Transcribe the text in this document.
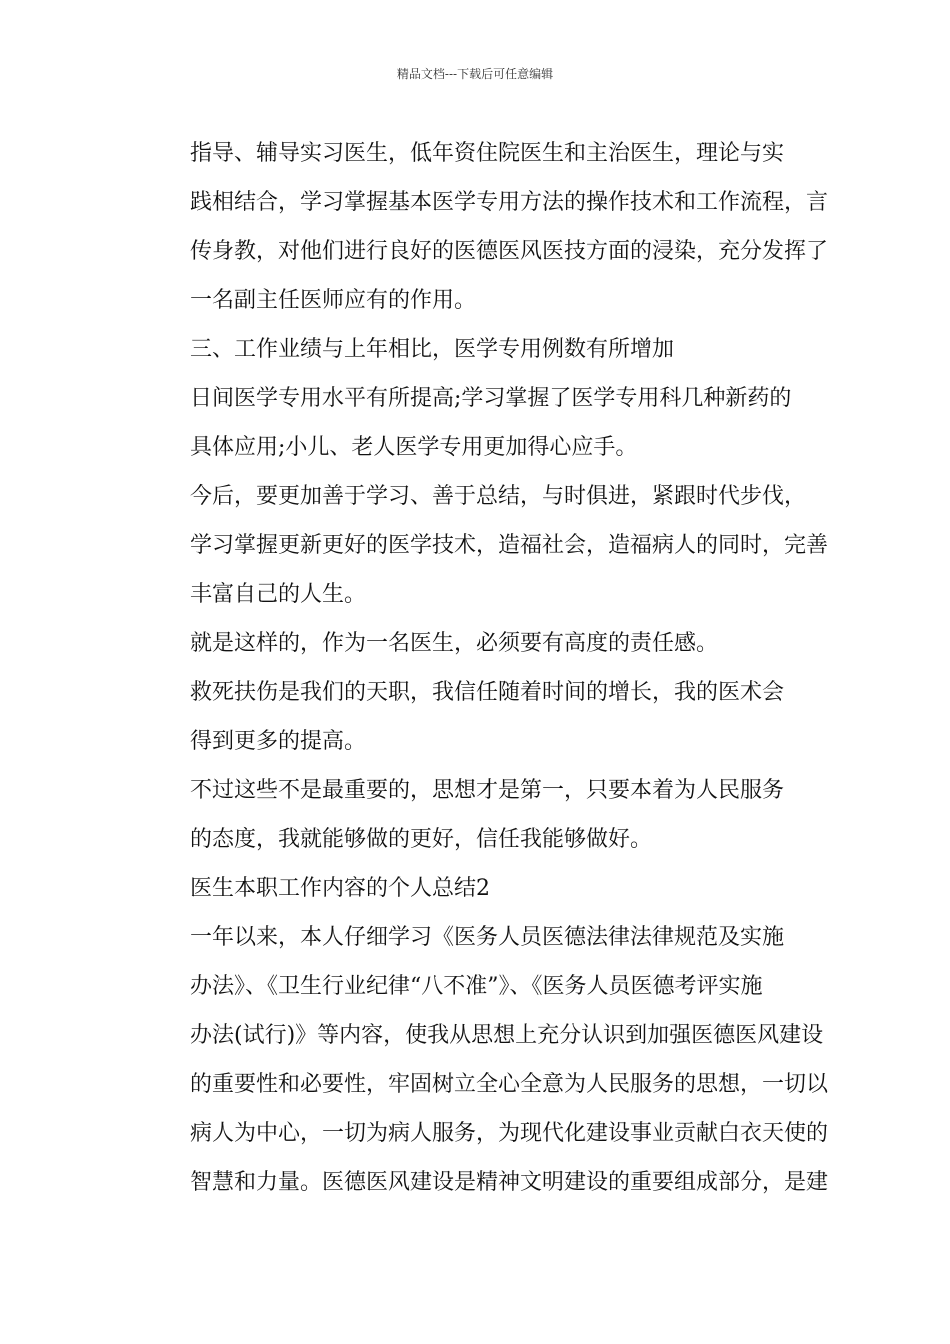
精品文档---下载后可任意编辑

指导、辅导实习医生，低年资住院医生和主治医生，理论与实
践相结合，学习掌握基本医学专用方法的操作技术和工作流程，言
传身教，对他们进行良好的医德医风医技方面的浸染，充分发挥了
一名副主任医师应有的作用。

三、工作业绩与上年相比，医学专用例数有所增加

日间医学专用水平有所提高;学习掌握了医学专用科几种新药的
具体应用;小儿、老人医学专用更加得心应手。

今后，要更加善于学习、善于总结，与时俱进，紧跟时代步伐，
学习掌握更新更好的医学技术，造福社会，造福病人的同时，完善
丰富自己的人生。

就是这样的，作为一名医生，必须要有高度的责任感。

救死扶伤是我们的天职，我信任随着时间的增长，我的医术会
得到更多的提高。

不过这些不是最重要的，思想才是第一，只要本着为人民服务
的态度，我就能够做的更好，信任我能够做好。

医生本职工作内容的个人总结2

一年以来，本人仔细学习《医务人员医德法律法律规范及实施
办法》、《卫生行业纪律“八不准”》、《医务人员医德考评实施
办法(试行)》等内容，使我从思想上充分认识到加强医德医风建设
的重要性和必要性，牢固树立全心全意为人民服务的思想，一切以
病人为中心，一切为病人服务，为现代化建设事业贡献白衣天使的
智慧和力量。医德医风建设是精神文明建设的重要组成部分，是建
